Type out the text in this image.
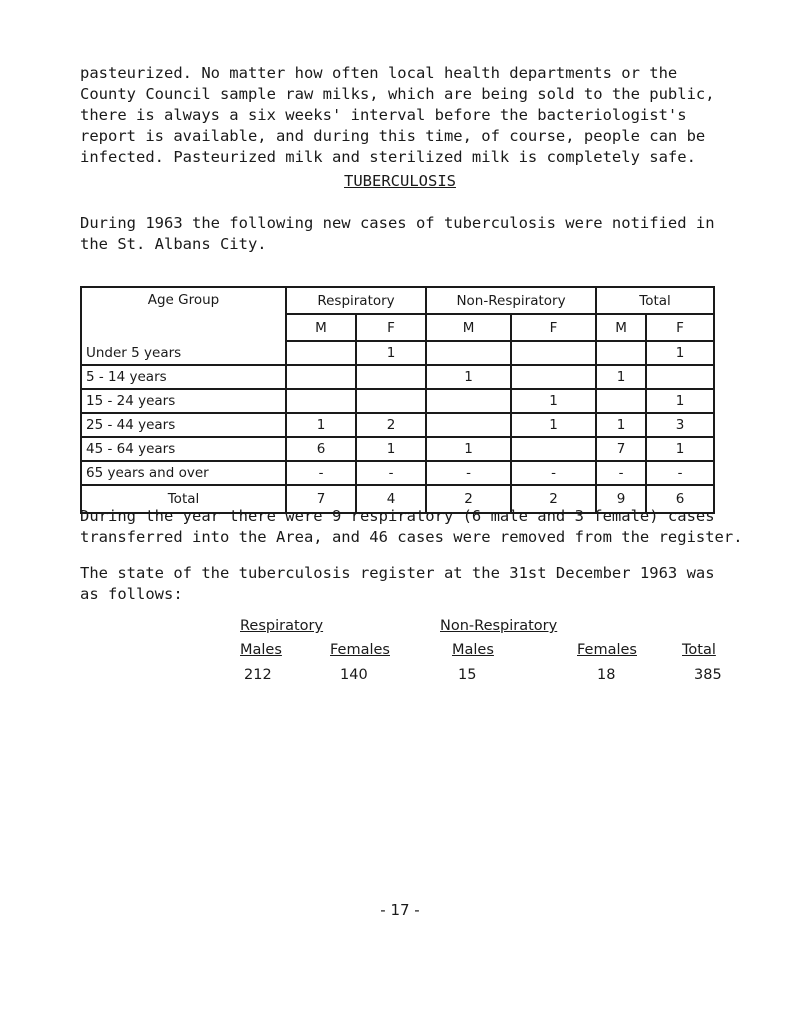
pasteurized. No matter how often local health departments or the
County Council sample raw milks, which are being sold to the public,
there is always a six weeks' interval before the bacteriologist's
report is available, and during this time, of course, people can be
infected. Pasteurized milk and sterilized milk is completely safe.

TUBERCULOSIS

During 1963 the following new cases of tuberculosis were notified in
the St. Albans City.

Age Group	Respiratory		Non-Respiratory		Total	
	M	F	M	F	M	F
Under 5 years		1				1
5 - 14 years			1		1	
15 - 24 years				1		1
25 - 44 years	1	2		1	1	3
45 - 64 years	6	1	1		7	1
65 years and over	-	-	-	-	-	-
Total	7	4	2	2	9	6

During the year there were 9 respiratory (6 male and 3 female) cases
transferred into the Area, and 46 cases were removed from the register.

The state of the tuberculosis register at the 31st December 1963 was
as follows:

Respiratory	Non-Respiratory
Males	Females	Males	Females	Total
212	140	15	18	385
- 17 -
